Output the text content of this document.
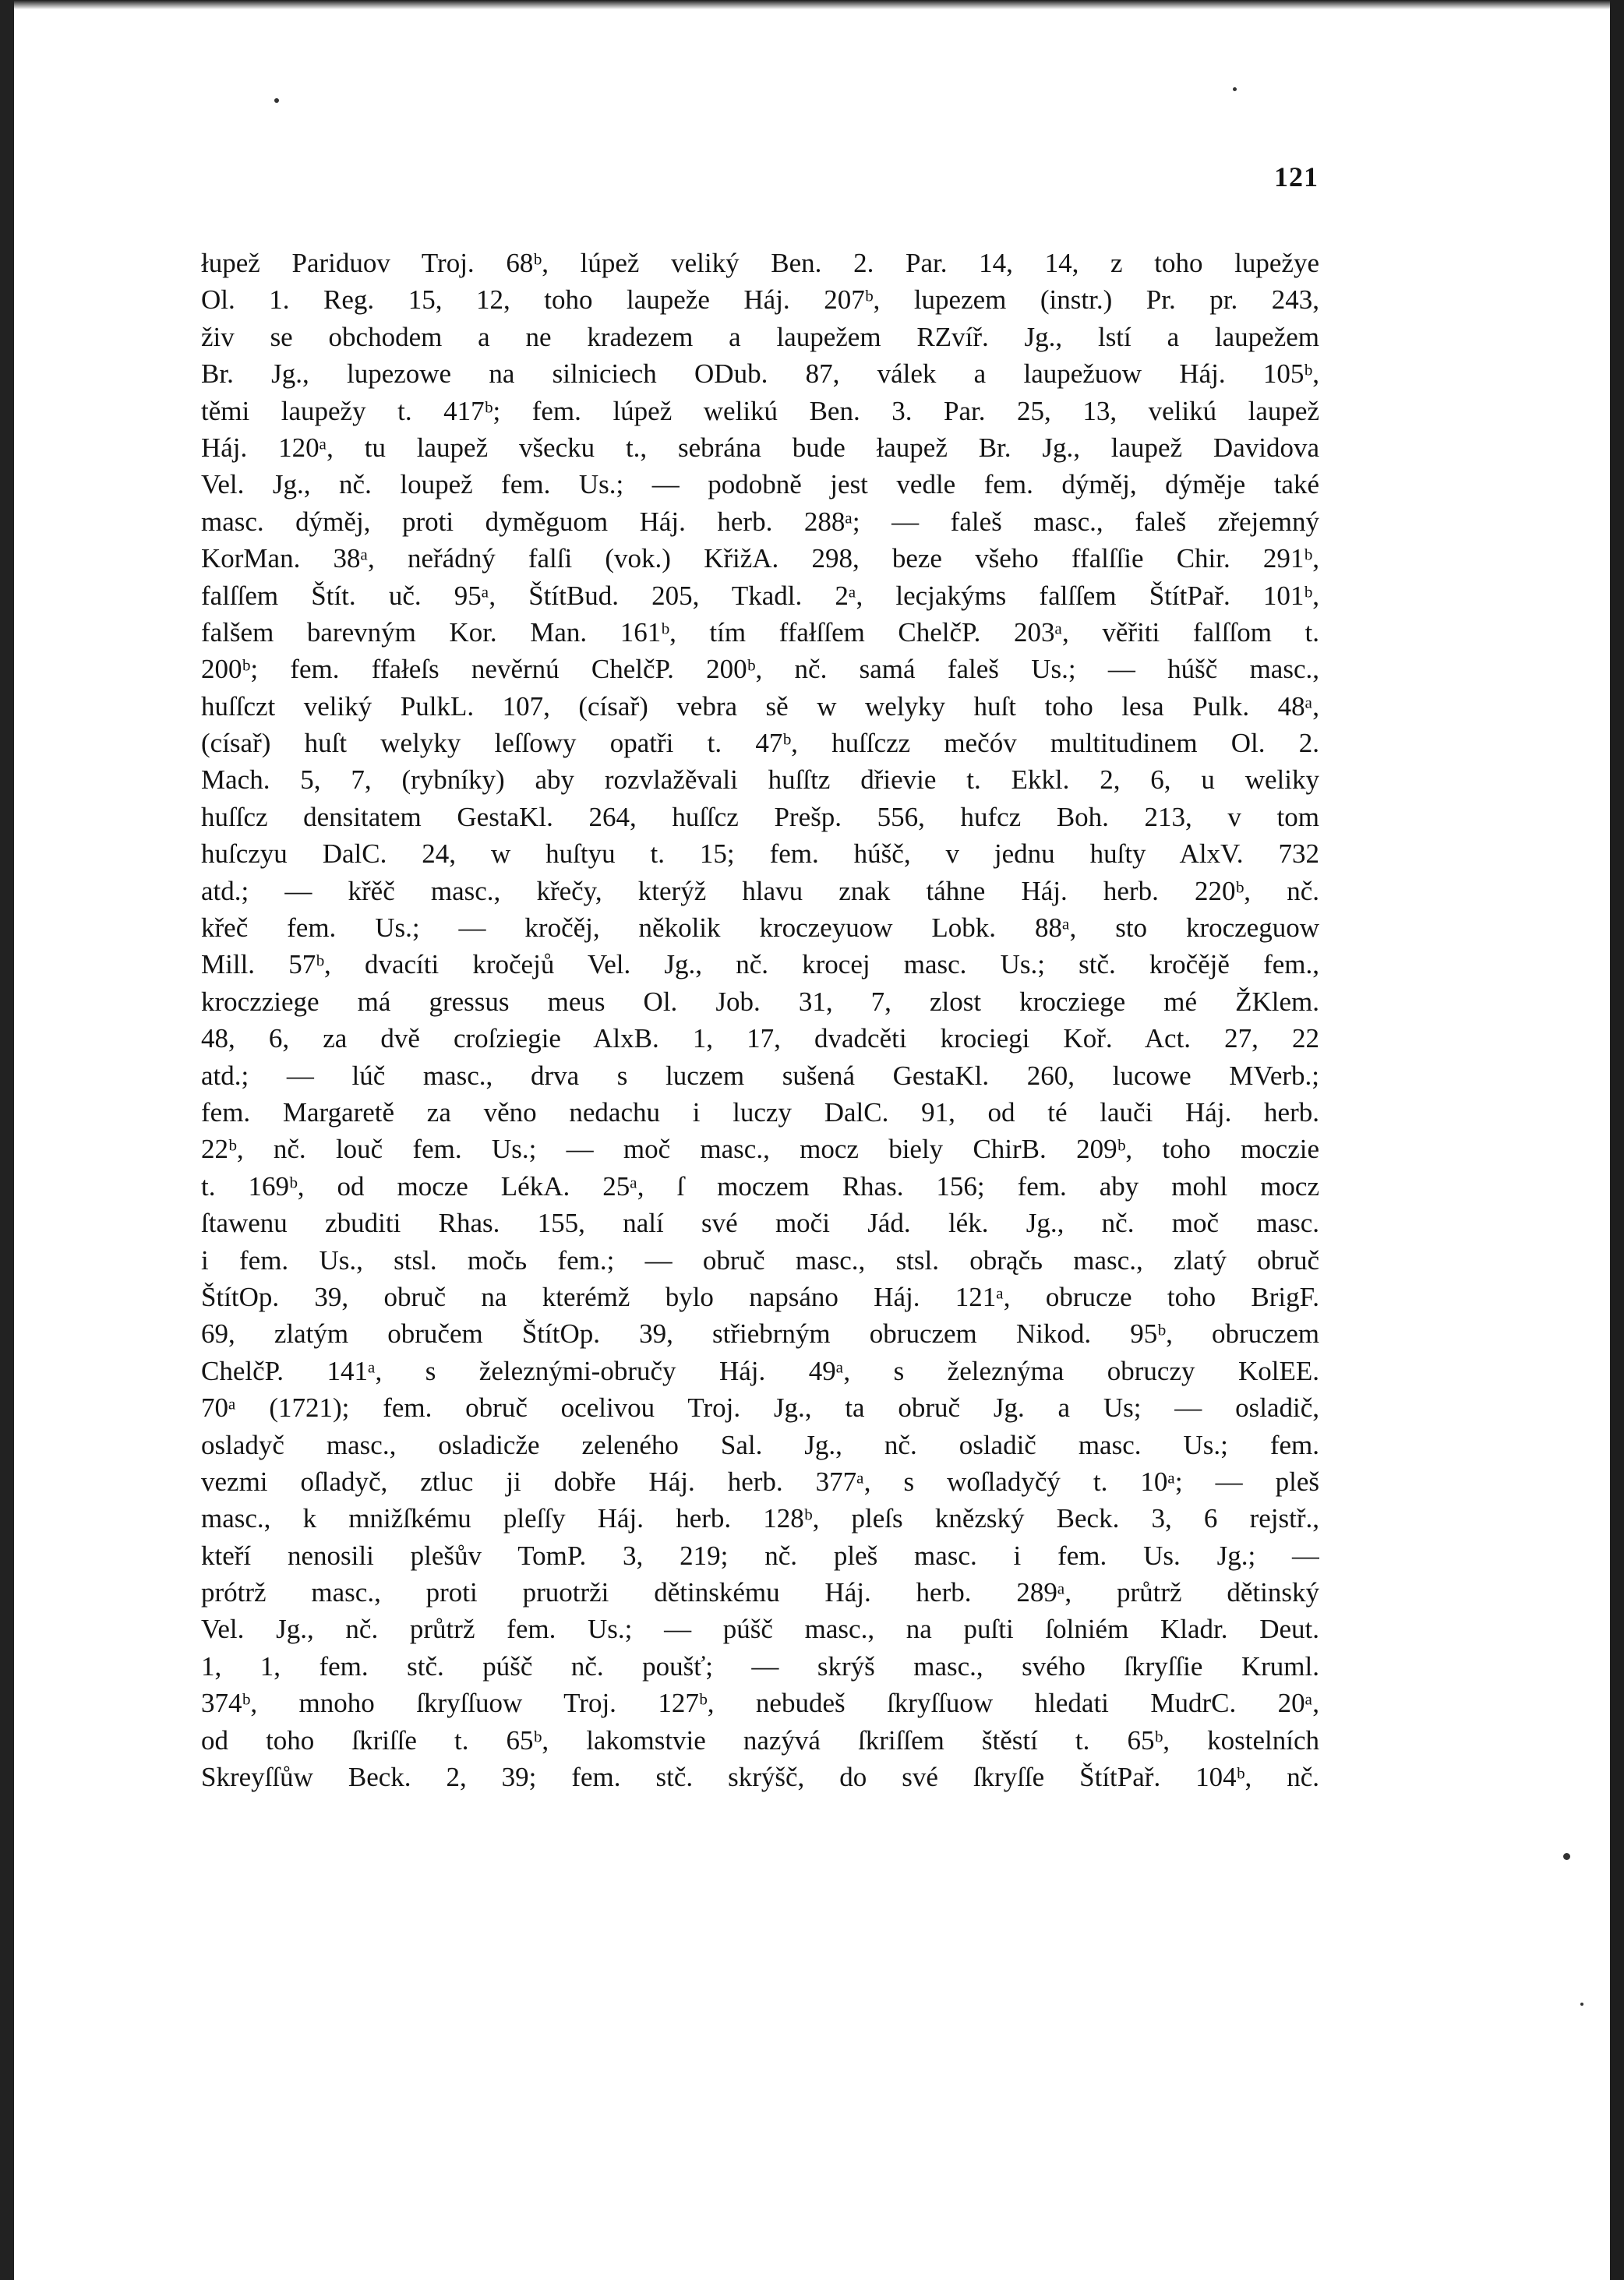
121
łupež Pariduov Troj. 68ᵇ, lúpež veliký Ben. 2. Par. 14, 14, z toho lupežye
Ol. 1. Reg. 15, 12, toho laupeže Háj. 207ᵇ, lupezem (instr.) Pr. pr. 243,
živ se obchodem a ne kradezem a laupežem RZvíř. Jg., lstí a laupežem
Br. Jg., lupezowe na silniciech ODub. 87, válek a laupežuow Háj. 105ᵇ,
těmi laupežy t. 417ᵇ; fem. lúpež welikú Ben. 3. Par. 25, 13, velikú laupež
Háj. 120ᵃ, tu laupež všecku t., sebrána bude łaupež Br. Jg., laupež Davidova
Vel. Jg., nč. loupež fem. Us.; — podobně jest vedle fem. dýměj, dýměje také
masc. dýměj, proti dyměguom Háj. herb. 288ᵃ; — faleš masc., faleš zřejemný
KorMan. 38ᵃ, neřádný falſi (vok.) KřižA. 298, beze všeho ffalſſie Chir. 291ᵇ,
falſſem Štít. uč. 95ᵃ, ŠtítBud. 205, Tkadl. 2ᵃ, lecjakýms falſſem ŠtítPař. 101ᵇ,
falšem barevným Kor. Man. 161ᵇ, tím ffałſſem ChelčP. 203ᵃ, věřiti falſſom t.
200ᵇ; fem. ffałeſs nevěrnú ChelčP. 200ᵇ, nč. samá faleš Us.; — húšč masc.,
huſſczt veliký PulkL. 107, (císař) vebra sě w welyky huſt toho lesa Pulk. 48ᵃ,
(císař) huſt welyky leſſowy opatři t. 47ᵇ, huſſczz mečóv multitudinem Ol. 2.
Mach. 5, 7, (rybníky) aby rozvlažěvali huſſtz dřievie t. Ekkl. 2, 6, u weliky
huſſcz densitatem GestaKl. 264, huſſcz Prešp. 556, hufcz Boh. 213, v tom
huſczyu DalC. 24, w huſtyu t. 15; fem. húšč, v jednu huſty AlxV. 732
atd.; — křěč masc., křečy, kterýž hlavu znak táhne Háj. herb. 220ᵇ, nč.
křeč fem. Us.; — kročěj, několik kroczeyuow Lobk. 88ᵃ, sto kroczeguow
Mill. 57ᵇ, dvacíti kročejů Vel. Jg., nč. krocej masc. Us.; stč. kročějě fem.,
kroczziege má gressus meus Ol. Job. 31, 7, zlost krocziege mé ŽKlem.
48, 6, za dvě croſziegie AlxB. 1, 17, dvadcěti krociegi Koř. Act. 27, 22
atd.; — lúč masc., drva s luczem sušená GestaKl. 260, lucowe MVerb.;
fem. Margaretě za věno nedachu i luczy DalC. 91, od té lauči Háj. herb.
22ᵇ, nč. louč fem. Us.; — moč masc., mocz biely ChirB. 209ᵇ, toho moczie
t. 169ᵇ, od mocze LékA. 25ᵃ, ſ moczem Rhas. 156; fem. aby mohl mocz
ſtawenu zbuditi Rhas. 155, nalí své moči Jád. lék. Jg., nč. moč masc.
i fem. Us., stsl. močь fem.; — obruč masc., stsl. obrąčь masc., zlatý obruč
ŠtítOp. 39, obruč na kterémž bylo napsáno Háj. 121ᵃ, obrucze toho BrigF.
69, zlatým obručem ŠtítOp. 39, střiebrným obruczem Nikod. 95ᵇ, obruczem
ChelčP. 141ᵃ, s železnými-obručy Háj. 49ᵃ, s železnýma obruczy KolEE.
70ᵃ (1721); fem. obruč ocelivou Troj. Jg., ta obruč Jg. a Us; — osladič,
osladyč masc., osladicže zeleného Sal. Jg., nč. osladič masc. Us.; fem.
vezmi oſladyč, ztluc ji dobře Háj. herb. 377ᵃ, s woſladyčý t. 10ᵃ; — pleš
masc., k mnižſkému pleſſy Háj. herb. 128ᵇ, pleſs knězský Beck. 3, 6 rejstř.,
kteří nenosili plešův TomP. 3, 219; nč. pleš masc. i fem. Us. Jg.; —
prótrž masc., proti pruotrži dětinskému Háj. herb. 289ᵃ, průtrž dětinský
Vel. Jg., nč. průtrž fem. Us.; — púšč masc., na puſti ſolniém Kladr. Deut.
1, 1, fem. stč. púšč nč. poušť; — skrýš masc., svého ſkryſſie Kruml.
374ᵇ, mnoho ſkryſſuow Troj. 127ᵇ, nebudeš ſkryſſuow hledati MudrC. 20ᵃ,
od toho ſkriſſe t. 65ᵇ, lakomstvie nazývá ſkriſſem štěstí t. 65ᵇ, kostelních
Skreyſſůw Beck. 2, 39; fem. stč. skrýšč, do své ſkryſſe ŠtítPař. 104ᵇ, nč.
